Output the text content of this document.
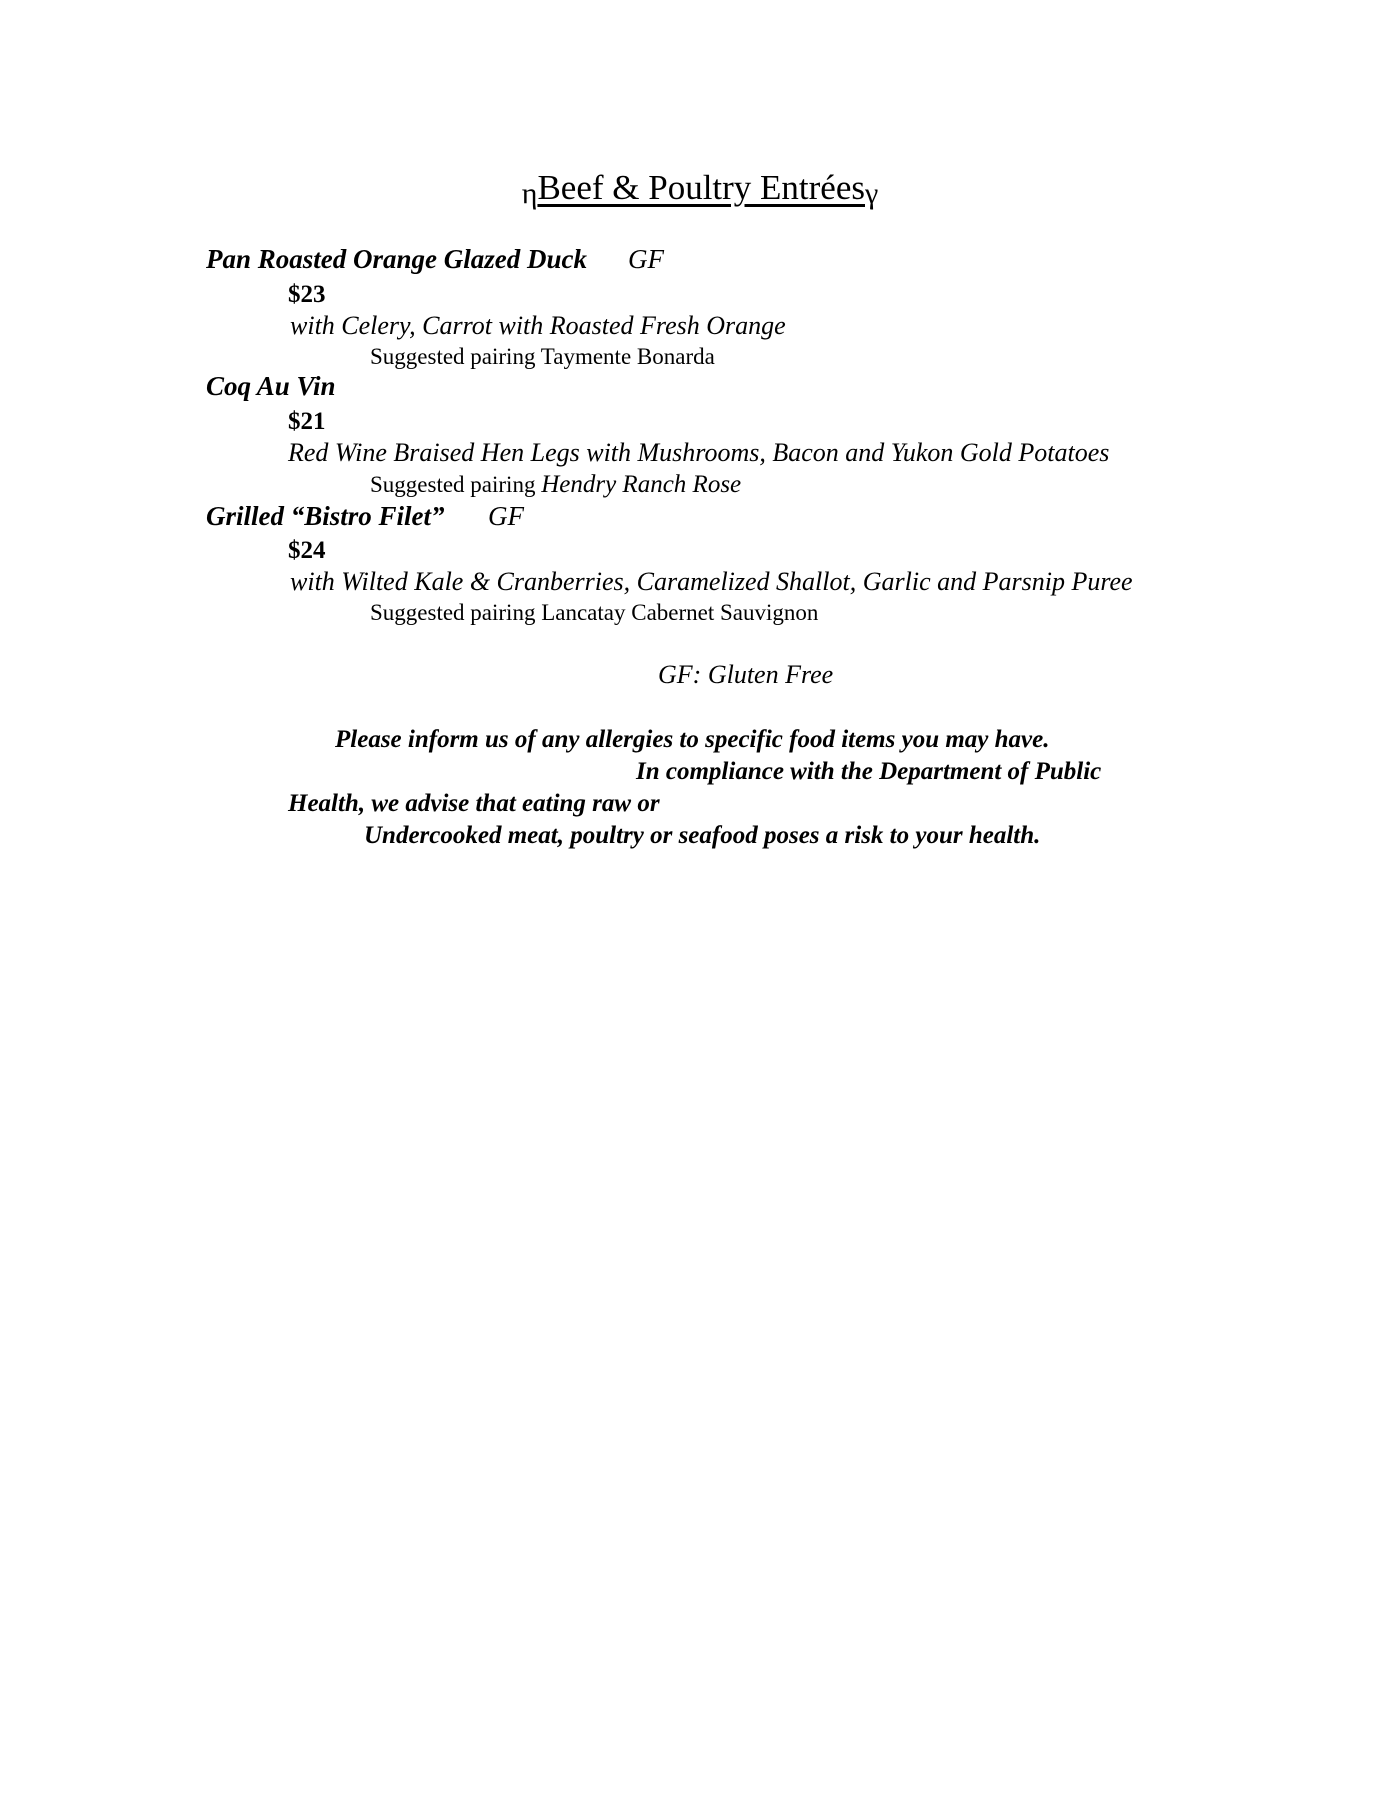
ηBeef & Poultry Entréesγ
Pan Roasted Orange Glazed Duck GF
$23
with Celery, Carrot with Roasted Fresh Orange
Suggested pairing Taymente Bonarda
Coq Au Vin
$21
Red Wine Braised Hen Legs with Mushrooms, Bacon and Yukon Gold Potatoes
Suggested pairing Hendry Ranch Rose
Grilled “Bistro Filet” GF
$24
with Wilted Kale & Cranberries, Caramelized Shallot, Garlic and Parsnip Puree
Suggested pairing Lancatay Cabernet Sauvignon
GF: Gluten Free
Please inform us of any allergies to specific food items you may have.
In compliance with the Department of Public
Health, we advise that eating raw or
Undercooked meat, poultry or seafood poses a risk to your health.
